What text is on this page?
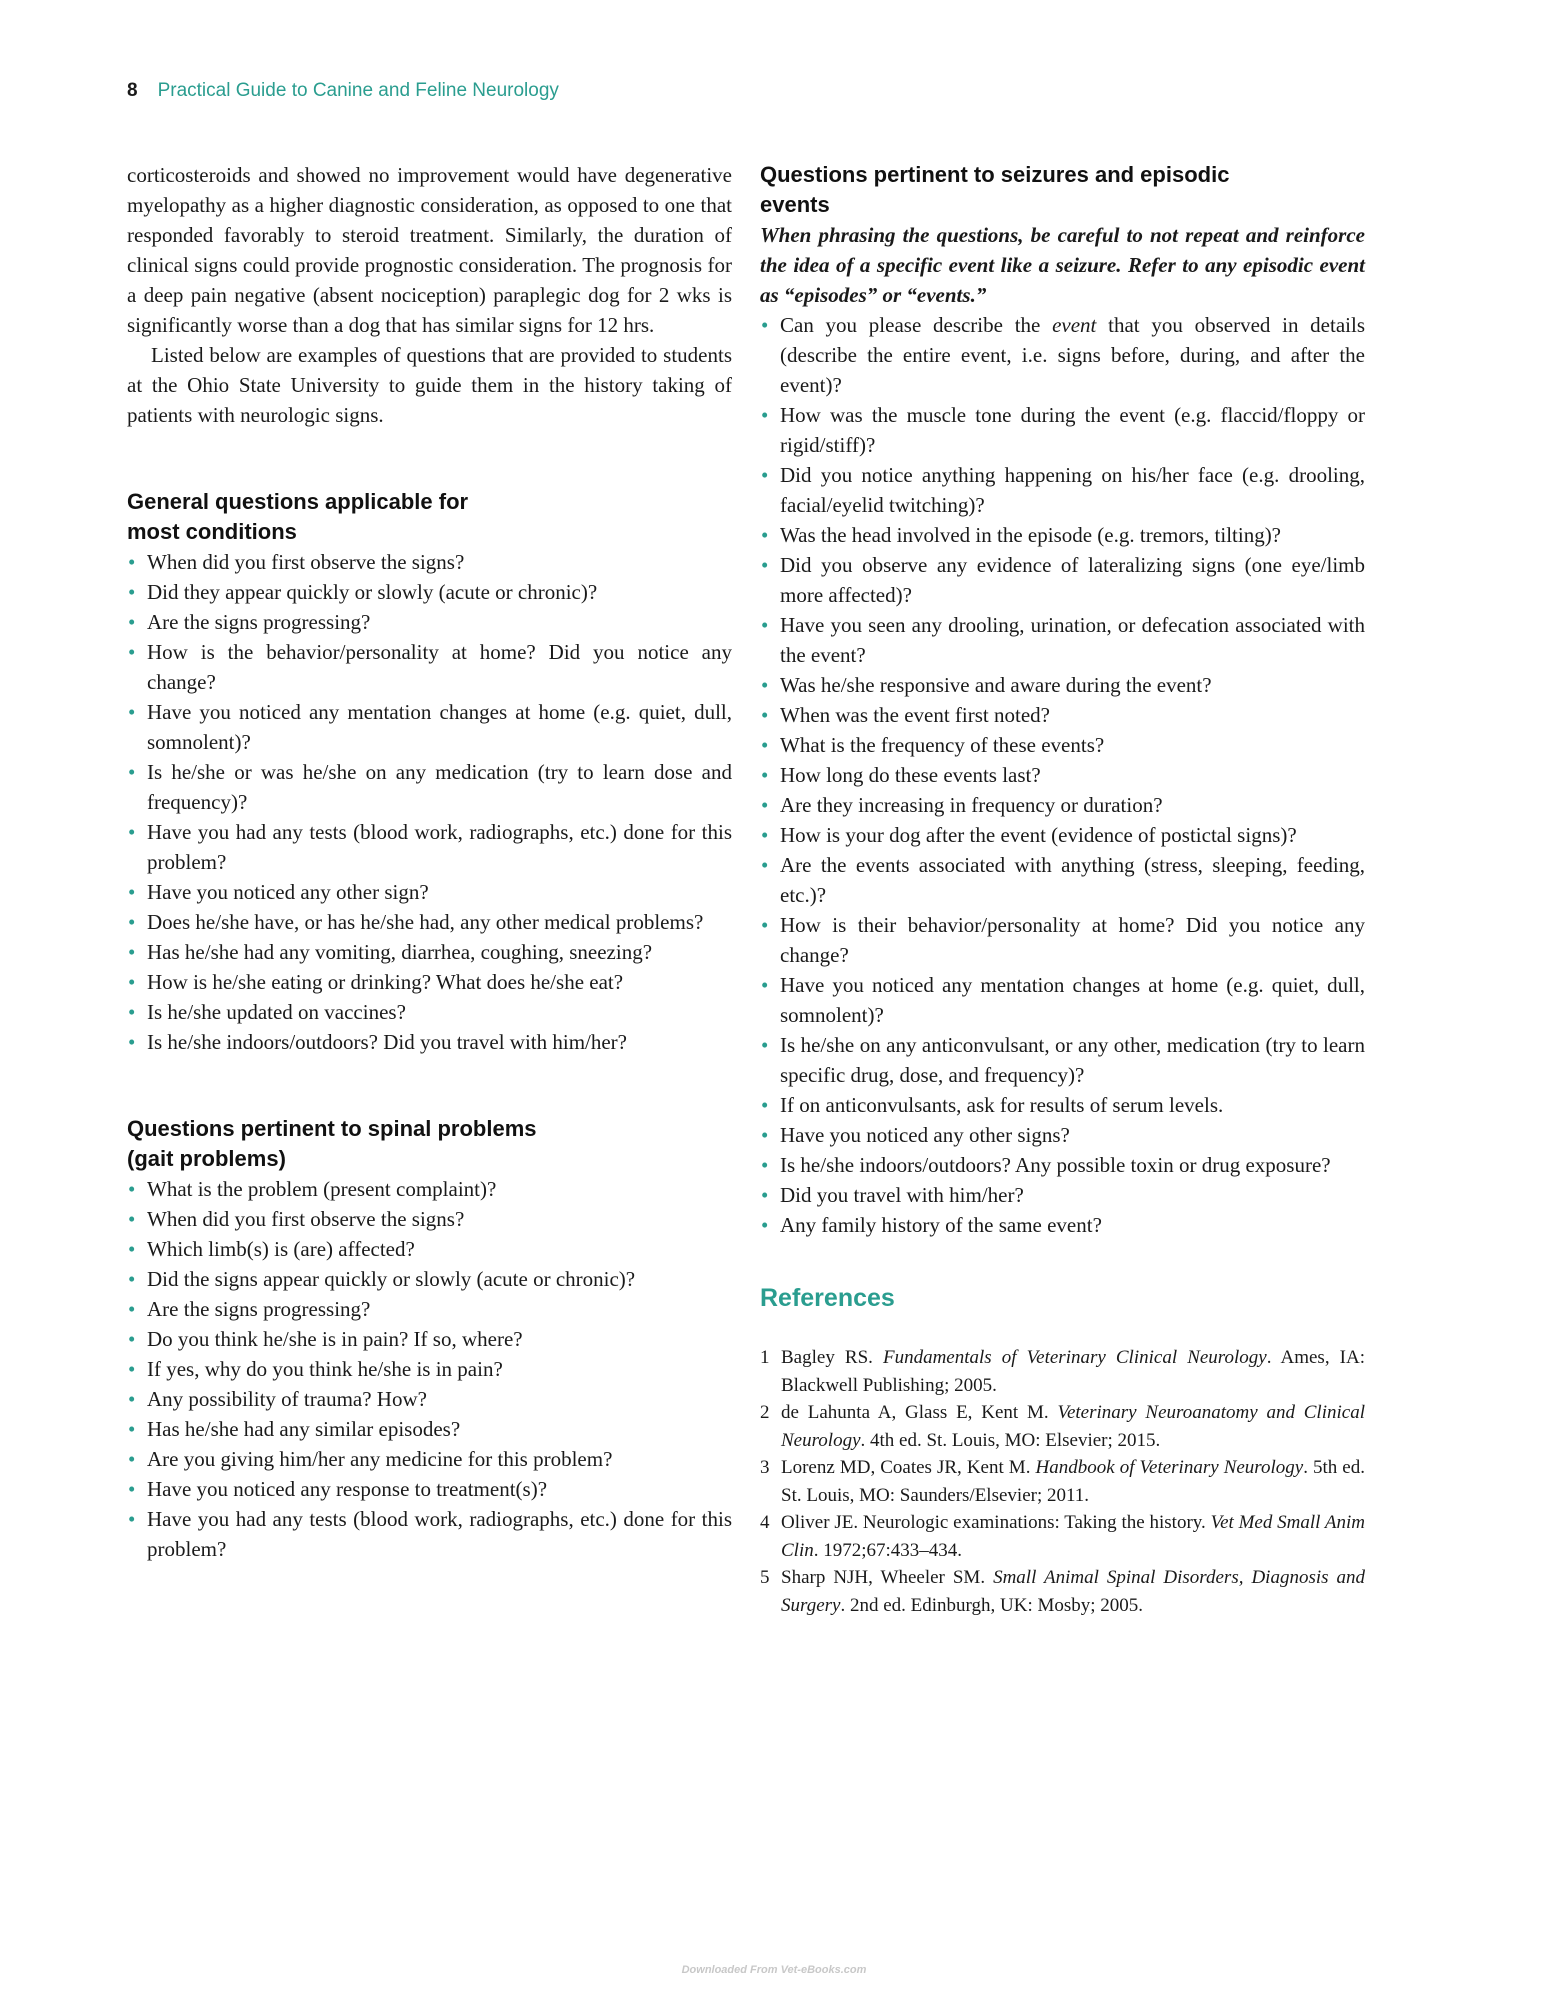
8 Practical Guide to Canine and Feline Neurology

corticosteroids and showed no improvement would have degenerative myelopathy as a higher diagnostic consideration, as opposed to one that responded favorably to steroid treatment. Similarly, the duration of clinical signs could provide prognostic consideration. The prognosis for a deep pain negative (absent nociception) paraplegic dog for 2 wks is significantly worse than a dog that has similar signs for 12 hrs.

Listed below are examples of questions that are provided to students at the Ohio State University to guide them in the history taking of patients with neurologic signs.

General questions applicable for
most conditions
• When did you first observe the signs?
• Did they appear quickly or slowly (acute or chronic)?
• Are the signs progressing?
• How is the behavior/personality at home? Did you notice any change?
• Have you noticed any mentation changes at home (e.g. quiet, dull, somnolent)?
• Is he/she or was he/she on any medication (try to learn dose and frequency)?
• Have you had any tests (blood work, radiographs, etc.) done for this problem?
• Have you noticed any other sign?
• Does he/she have, or has he/she had, any other medical problems?
• Has he/she had any vomiting, diarrhea, coughing, sneezing?
• How is he/she eating or drinking? What does he/she eat?
• Is he/she updated on vaccines?
• Is he/she indoors/outdoors? Did you travel with him/her?
Questions pertinent to spinal problems
(gait problems)
• What is the problem (present complaint)?
• When did you first observe the signs?
• Which limb(s) is (are) affected?
• Did the signs appear quickly or slowly (acute or chronic)?
• Are the signs progressing?
• Do you think he/she is in pain? If so, where?
• If yes, why do you think he/she is in pain?
• Any possibility of trauma? How?
• Has he/she had any similar episodes?
• Are you giving him/her any medicine for this problem?
• Have you noticed any response to treatment(s)?
• Have you had any tests (blood work, radiographs, etc.) done for this problem?
Questions pertinent to seizures and episodic
events

When phrasing the questions, be careful to not repeat and reinforce the idea of a specific event like a seizure. Refer to any episodic event as “episodes” or “events.”

• Can you please describe the event that you observed in details (describe the entire event, i.e. signs before, during, and after the event)?
• How was the muscle tone during the event (e.g. flaccid/floppy or rigid/stiff)?
• Did you notice anything happening on his/her face (e.g. drooling, facial/eyelid twitching)?
• Was the head involved in the episode (e.g. tremors, tilting)?
• Did you observe any evidence of lateralizing signs (one eye/limb more affected)?
• Have you seen any drooling, urination, or defecation associated with the event?
• Was he/she responsive and aware during the event?
• When was the event first noted?
• What is the frequency of these events?
• How long do these events last?
• Are they increasing in frequency or duration?
• How is your dog after the event (evidence of postictal signs)?
• Are the events associated with anything (stress, sleeping, feeding, etc.)?
• How is their behavior/personality at home? Did you notice any change?
• Have you noticed any mentation changes at home (e.g. quiet, dull, somnolent)?
• Is he/she on any anticonvulsant, or any other, medication (try to learn specific drug, dose, and frequency)?
• If on anticonvulsants, ask for results of serum levels.
• Have you noticed any other signs?
• Is he/she indoors/outdoors? Any possible toxin or drug exposure?
• Did you travel with him/her?
• Any family history of the same event?
References
1 Bagley RS. Fundamentals of Veterinary Clinical Neurology. Ames, IA: Blackwell Publishing; 2005.
2 de Lahunta A, Glass E, Kent M. Veterinary Neuroanatomy and Clinical Neurology. 4th ed. St. Louis, MO: Elsevier; 2015.
3 Lorenz MD, Coates JR, Kent M. Handbook of Veterinary Neurology. 5th ed. St. Louis, MO: Saunders/Elsevier; 2011.
4 Oliver JE. Neurologic examinations: Taking the history. Vet Med Small Anim Clin. 1972;67:433–434.
5 Sharp NJH, Wheeler SM. Small Animal Spinal Disorders, Diagnosis and Surgery. 2nd ed. Edinburgh, UK: Mosby; 2005.
Downloaded From Vet-eBooks.com
